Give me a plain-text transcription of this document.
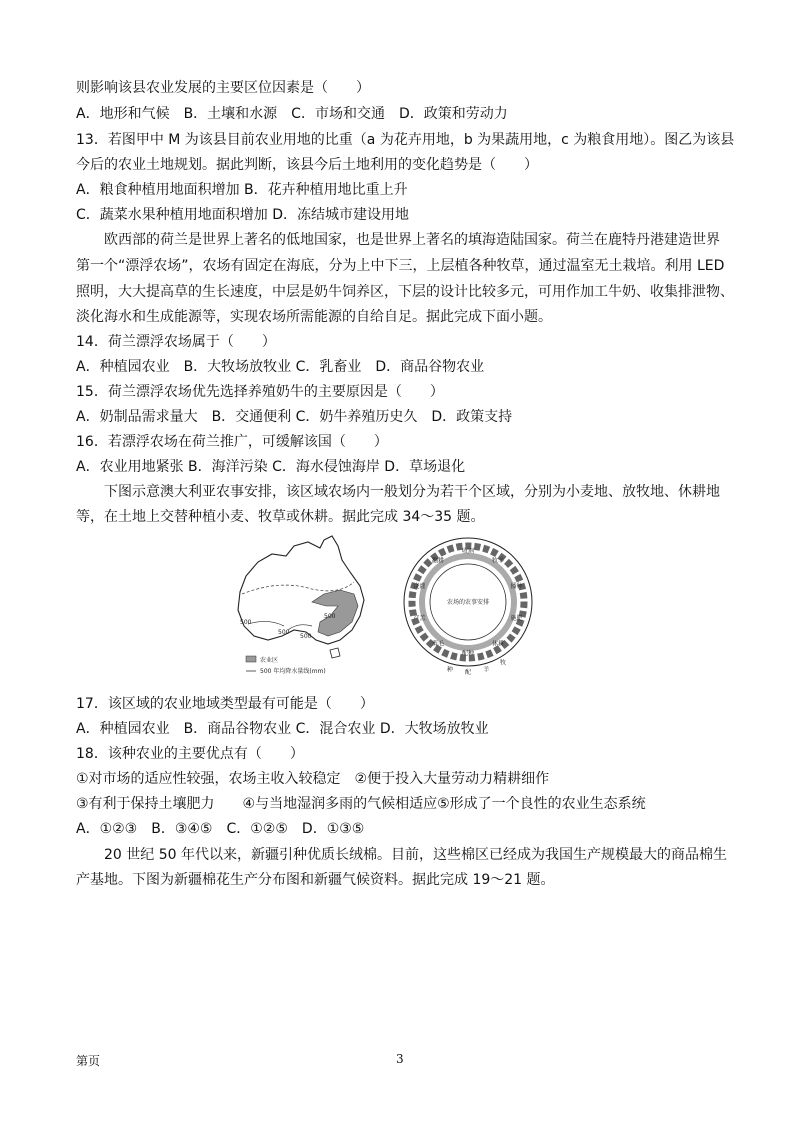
则影响该县农业发展的主要区位因素是（　　）
A．地形和气候　B．土壤和水源　C．市场和交通　D．政策和劳动力
13．若图甲中 M 为该县目前农业用地的比重（a 为花卉用地，b 为果蔬用地，c 为粮食用地）。图乙为该县
今后的农业土地规划。据此判断，该县今后土地利用的变化趋势是（　　）
A．粮食种植用地面积增加 B．花卉种植用地比重上升
C．蔬菜水果种植用地面积增加 D．冻结城市建设用地
欧西部的荷兰是世界上著名的低地国家，也是世界上著名的填海造陆国家。荷兰在鹿特丹港建造世界
第一个“漂浮农场”，农场有固定在海底，分为上中下三，上层植各种牧草，通过温室无土栽培。利用 LED
照明，大大提高草的生长速度，中层是奶牛饲养区，下层的设计比较多元，可用作加工牛奶、收集排泄物、
淡化海水和生成能源等，实现农场所需能源的自给自足。据此完成下面小题。
14．荷兰漂浮农场属于（　　）
A．种植园农业　B．大牧场放牧业 C．乳畜业　D．商品谷物农业
15．荷兰漂浮农场优先选择养殖奶牛的主要原因是（　　）
A．奶制品需求量大　B．交通便利 C．奶牛养殖历史久　D．政策支持
16．若漂浮农场在荷兰推广，可缓解该国（　　）
A．农业用地紧张 B．海洋污染 C．海水侵蚀海岸 D．草场退化
下图示意澳大利亚农事安排，该区域农场内一般划分为若干个区域，分别为小麦地、放牧地、休耕地
等，在土地上交替种植小麦、牧草或休耕。据此完成 34～35 题。
500
500
500
500
农业区
500 年均降水量线(mm)
农场的农事安排
收割
牧羊
播种
施肥
休耕
配种
剪毛
产羔
浇灌
翻耕
牧
羊
配
种
17．该区域的农业地域类型最有可能是（　　）
A．种植园农业　B．商品谷物农业 C．混合农业 D．大牧场放牧业
18．该种农业的主要优点有（　　）
①对市场的适应性较强，农场主收入较稳定　②便于投入大量劳动力精耕细作
③有利于保持土壤肥力　　④与当地湿润多雨的气候相适应⑤形成了一个良性的农业生态系统
A．①②③　B．③④⑤　C．①②⑤　D．①③⑤
20 世纪 50 年代以来，新疆引种优质长绒棉。目前，这些棉区已经成为我国生产规模最大的商品棉生
产基地。下图为新疆棉花生产分布图和新疆气候资料。据此完成 19～21 题。
第页	3
